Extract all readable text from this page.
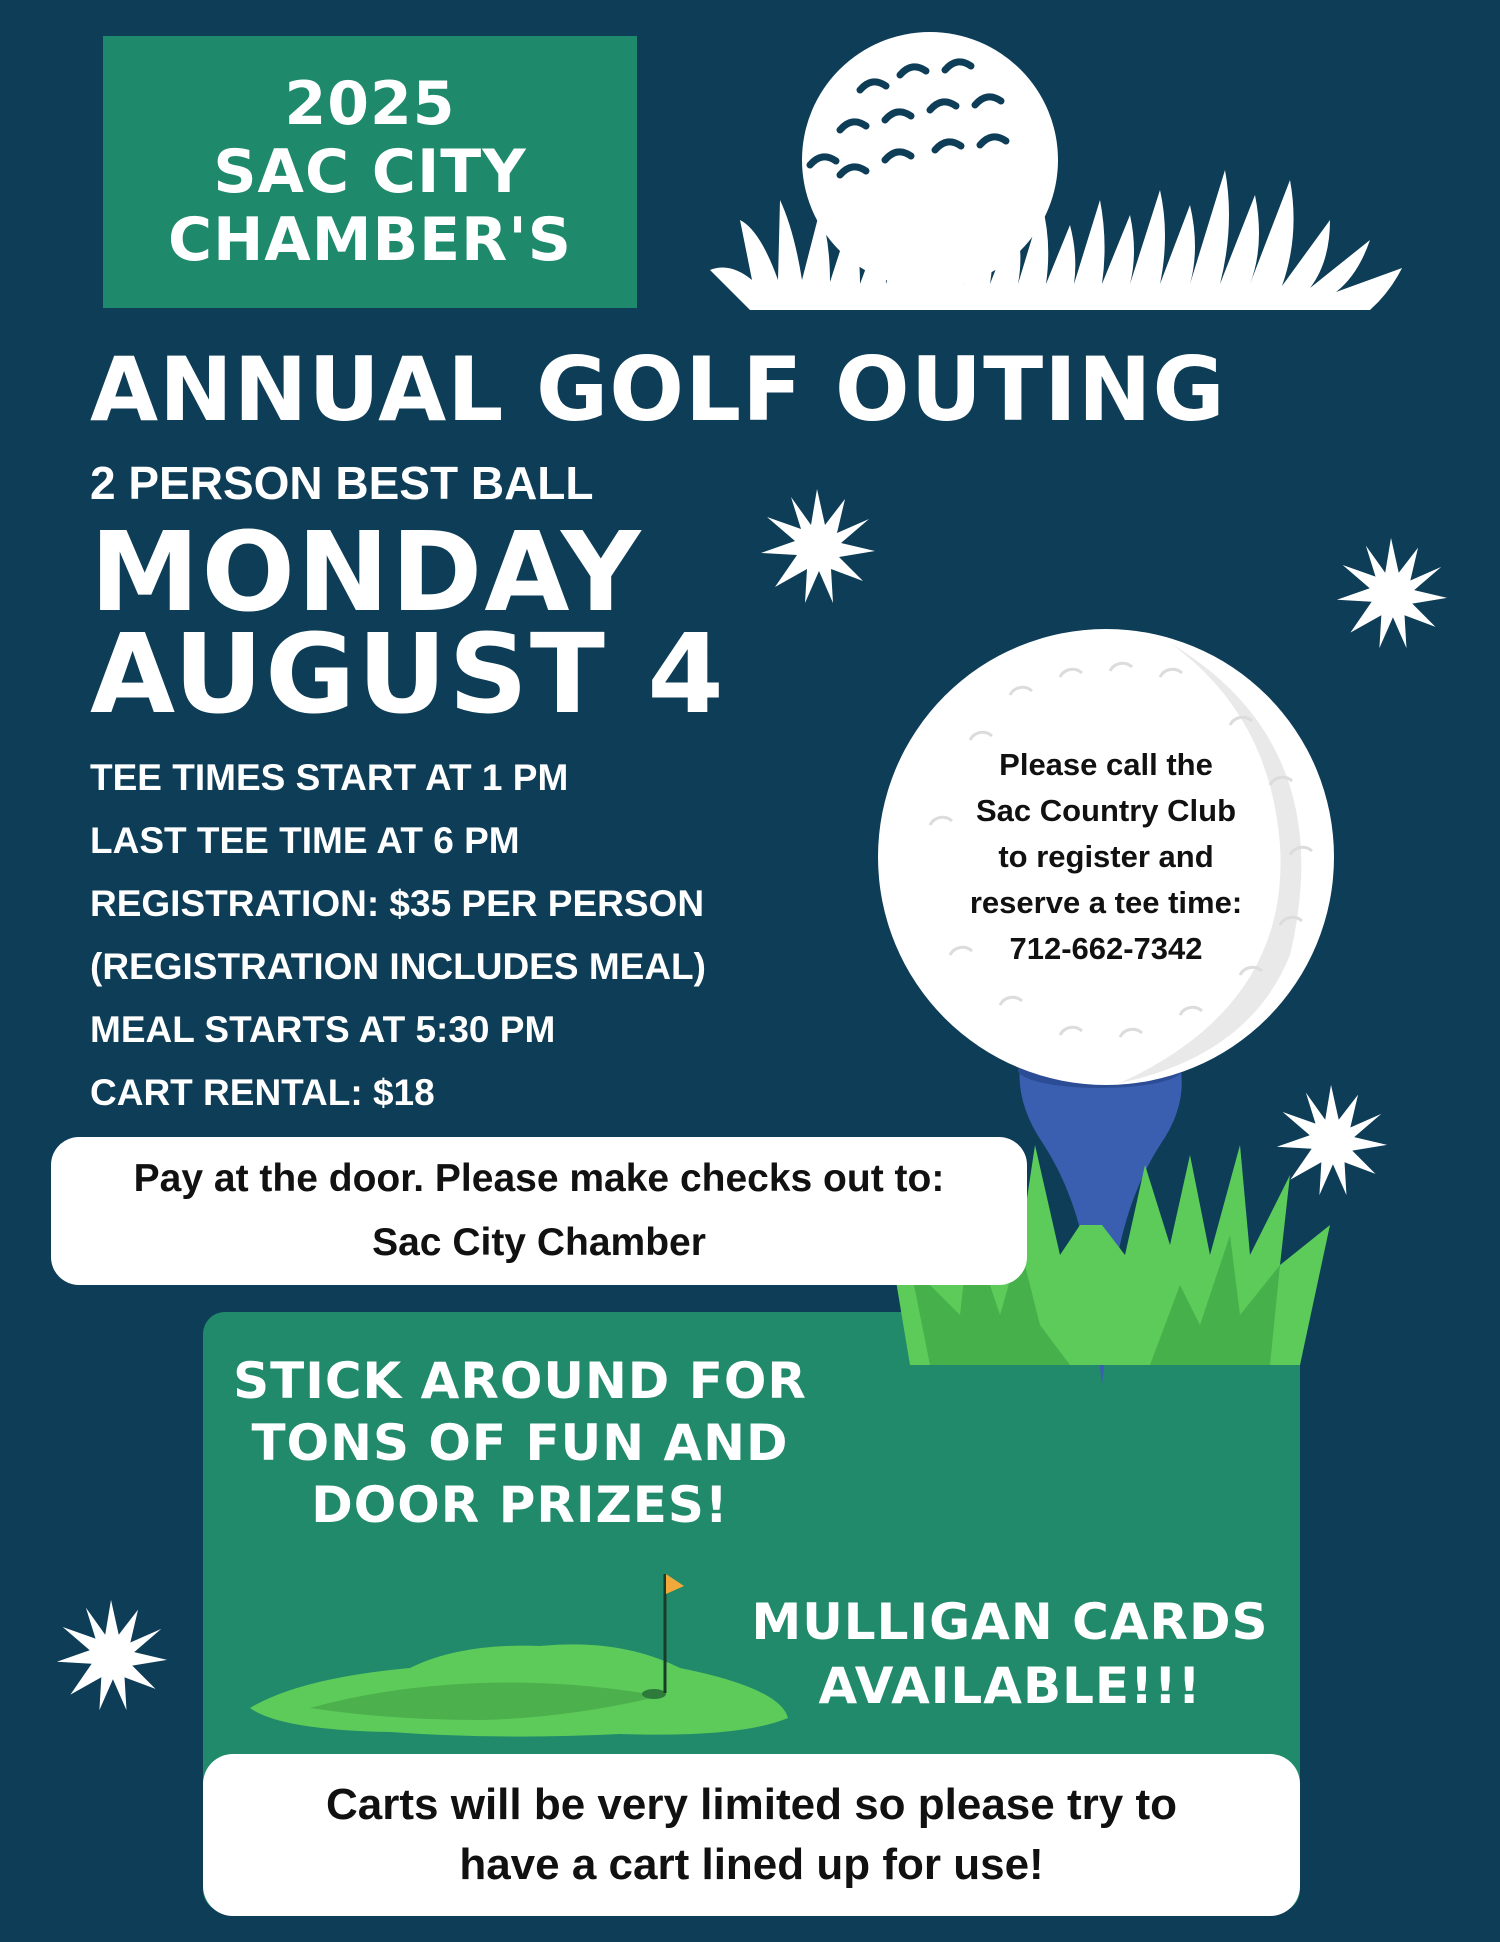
2025
SAC CITY
CHAMBER'S
ANNUAL GOLF OUTING
2 PERSON BEST BALL
MONDAY
AUGUST 4
TEE TIMES START AT 1 PM
LAST TEE TIME AT 6 PM
REGISTRATION: $35 PER PERSON
(REGISTRATION INCLUDES MEAL)
MEAL STARTS AT 5:30 PM
CART RENTAL: $18
Please call the
Sac Country Club
to register and
reserve a tee time:
712-662-7342
Pay at the door. Please make checks out to:
Sac City Chamber
STICK AROUND FOR
TONS OF FUN AND
DOOR PRIZES!
MULLIGAN CARDS
AVAILABLE!!!
Carts will be very limited so please try to
have a cart lined up for use!
